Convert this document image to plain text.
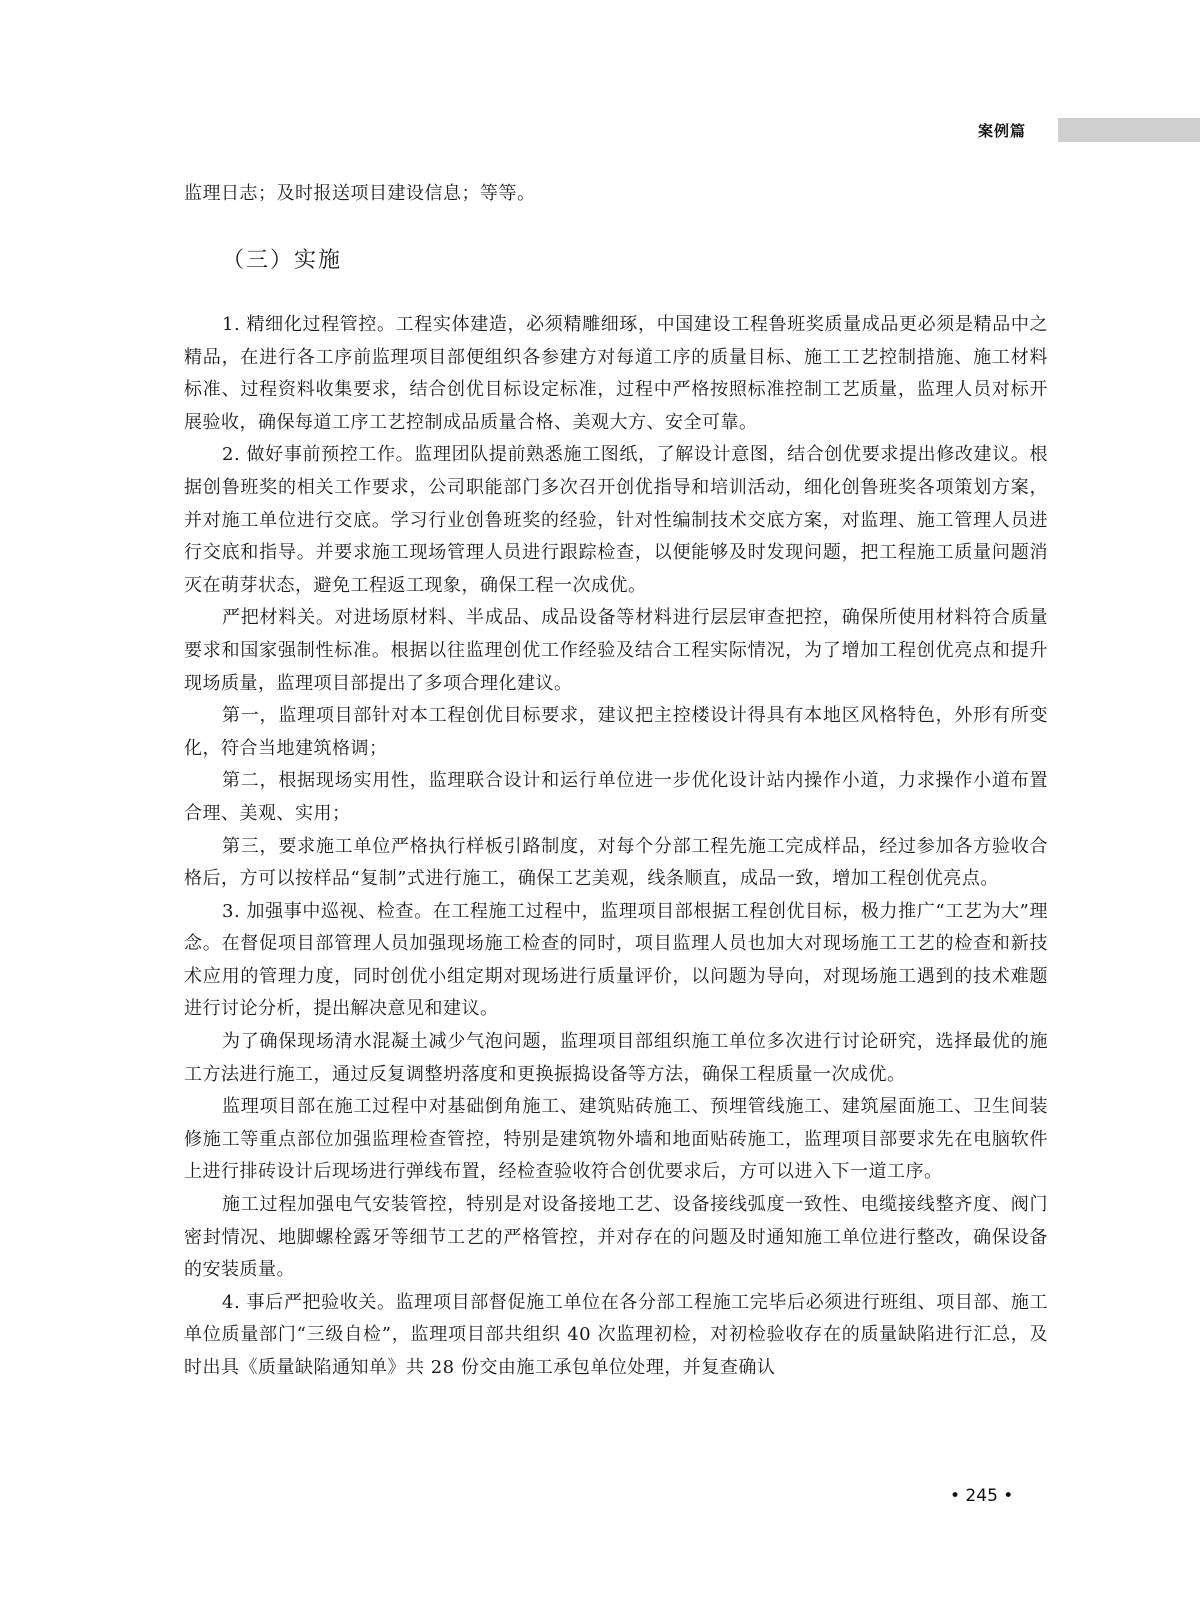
案例篇

监理日志；及时报送项目建设信息；等等。

（三）实施

1. 精细化过程管控。工程实体建造，必须精雕细琢，中国建设工程鲁班奖质量成品更必须是精品中之精品，在进行各工序前监理项目部便组织各参建方对每道工序的质量目标、施工工艺控制措施、施工材料标准、过程资料收集要求，结合创优目标设定标准，过程中严格按照标准控制工艺质量，监理人员对标开展验收，确保每道工序工艺控制成品质量合格、美观大方、安全可靠。

2. 做好事前预控工作。监理团队提前熟悉施工图纸，了解设计意图，结合创优要求提出修改建议。根据创鲁班奖的相关工作要求，公司职能部门多次召开创优指导和培训活动，细化创鲁班奖各项策划方案，并对施工单位进行交底。学习行业创鲁班奖的经验，针对性编制技术交底方案，对监理、施工管理人员进行交底和指导。并要求施工现场管理人员进行跟踪检查，以便能够及时发现问题，把工程施工质量问题消灭在萌芽状态，避免工程返工现象，确保工程一次成优。

严把材料关。对进场原材料、半成品、成品设备等材料进行层层审查把控，确保所使用材料符合质量要求和国家强制性标准。根据以往监理创优工作经验及结合工程实际情况，为了增加工程创优亮点和提升现场质量，监理项目部提出了多项合理化建议。

第一，监理项目部针对本工程创优目标要求，建议把主控楼设计得具有本地区风格特色，外形有所变化，符合当地建筑格调；

第二，根据现场实用性，监理联合设计和运行单位进一步优化设计站内操作小道，力求操作小道布置合理、美观、实用；

第三，要求施工单位严格执行样板引路制度，对每个分部工程先施工完成样品，经过参加各方验收合格后，方可以按样品“复制”式进行施工，确保工艺美观，线条顺直，成品一致，增加工程创优亮点。

3. 加强事中巡视、检查。在工程施工过程中，监理项目部根据工程创优目标，极力推广“工艺为大”理念。在督促项目部管理人员加强现场施工检查的同时，项目监理人员也加大对现场施工工艺的检查和新技术应用的管理力度，同时创优小组定期对现场进行质量评价，以问题为导向，对现场施工遇到的技术难题进行讨论分析，提出解决意见和建议。

为了确保现场清水混凝土减少气泡问题，监理项目部组织施工单位多次进行讨论研究，选择最优的施工方法进行施工，通过反复调整坍落度和更换振捣设备等方法，确保工程质量一次成优。

监理项目部在施工过程中对基础倒角施工、建筑贴砖施工、预埋管线施工、建筑屋面施工、卫生间装修施工等重点部位加强监理检查管控，特别是建筑物外墙和地面贴砖施工，监理项目部要求先在电脑软件上进行排砖设计后现场进行弹线布置，经检查验收符合创优要求后，方可以进入下一道工序。

施工过程加强电气安装管控，特别是对设备接地工艺、设备接线弧度一致性、电缆接线整齐度、阀门密封情况、地脚螺栓露牙等细节工艺的严格管控，并对存在的问题及时通知施工单位进行整改，确保设备的安装质量。

4. 事后严把验收关。监理项目部督促施工单位在各分部工程施工完毕后必须进行班组、项目部、施工单位质量部门“三级自检”，监理项目部共组织 40 次监理初检，对初检验收存在的质量缺陷进行汇总，及时出具《质量缺陷通知单》共 28 份交由施工承包单位处理，并复查确认

• 245 •
